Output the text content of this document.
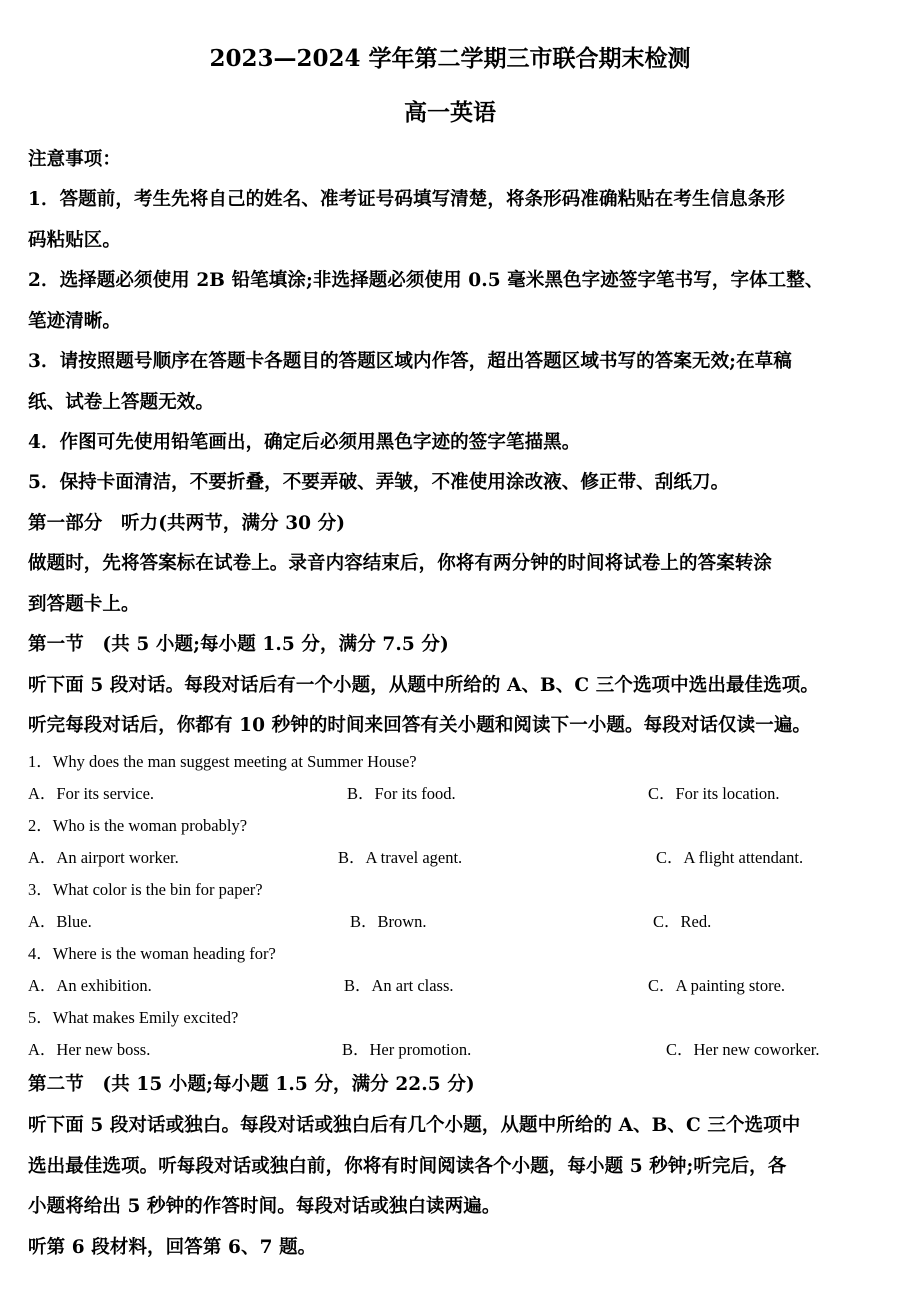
2023—2024 学年第二学期三市联合期末检测
高一英语
注意事项：
1．答题前，考生先将自己的姓名、准考证号码填写清楚，将条形码准确粘贴在考生信息条形
码粘贴区。
2．选择题必须使用 2B 铅笔填涂;非选择题必须使用 0.5 毫米黑色字迹签字笔书写，字体工整、
笔迹清晰。
3．请按照题号顺序在答题卡各题目的答题区域内作答，超出答题区域书写的答案无效;在草稿
纸、试卷上答题无效。
4．作图可先使用铅笔画出，确定后必须用黑色字迹的签字笔描黑。
5．保持卡面清洁，不要折叠，不要弄破、弄皱，不准使用涂改液、修正带、刮纸刀。
第一部分　听力(共两节，满分 30 分)
做题时，先将答案标在试卷上。录音内容结束后，你将有两分钟的时间将试卷上的答案转涂
到答题卡上。
第一节　(共 5 小题;每小题 1.5 分，满分 7.5 分)
听下面 5 段对话。每段对话后有一个小题，从题中所给的 A、B、C 三个选项中选出最佳选项。
听完每段对话后，你都有 10 秒钟的时间来回答有关小题和阅读下一小题。每段对话仅读一遍。
1．Why does the man suggest meeting at Summer House?
A．For its service.	B．For its food.	C．For its location.
2．Who is the woman probably?
A．An airport worker.	B．A travel agent.	C．A flight attendant.
3．What color is the bin for paper?
A．Blue.	B．Brown.	C．Red.
4．Where is the woman heading for?
A．An exhibition.	B．An art class.	C．A painting store.
5．What makes Emily excited?
A．Her new boss.	B．Her promotion.	C．Her new coworker.
第二节　(共 15 小题;每小题 1.5 分，满分 22.5 分)
听下面 5 段对话或独白。每段对话或独白后有几个小题，从题中所给的 A、B、C 三个选项中
选出最佳选项。听每段对话或独白前，你将有时间阅读各个小题，每小题 5 秒钟;听完后，各
小题将给出 5 秒钟的作答时间。每段对话或独白读两遍。
听第 6 段材料，回答第 6、7 题。
